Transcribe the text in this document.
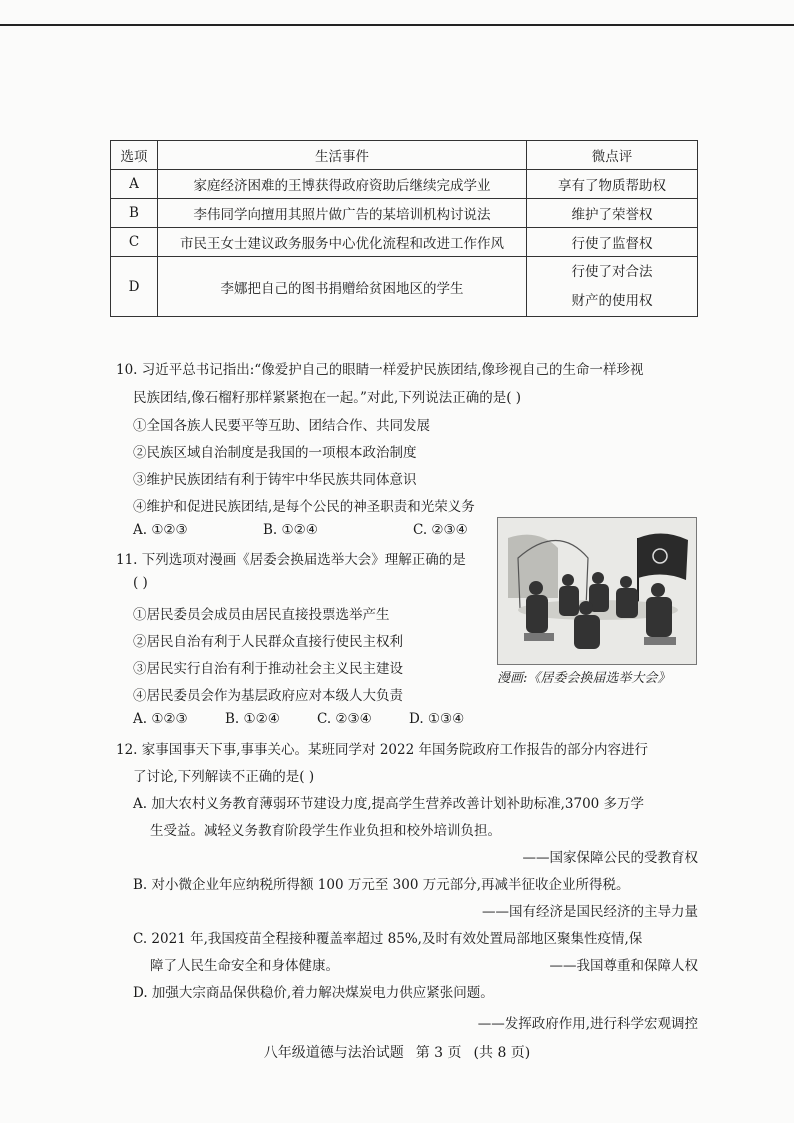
选项	生活事件	微点评
A	家庭经济困难的王博获得政府资助后继续完成学业	享有了物质帮助权
B	李伟同学向擅用其照片做广告的某培训机构讨说法	维护了荣誉权
C	市民王女士建议政务服务中心优化流程和改进工作作风	行使了监督权
D	李娜把自己的图书捐赠给贫困地区的学生	行使了对合法
财产的使用权
10. 习近平总书记指出:“像爱护自己的眼睛一样爱护民族团结,像珍视自己的生命一样珍视
民族团结,像石榴籽那样紧紧抱在一起。”对此,下列说法正确的是( )
①全国各族人民要平等互助、团结合作、共同发展
②民族区域自治制度是我国的一项根本政治制度
③维护民族团结有利于铸牢中华民族共同体意识
④维护和促进民族团结,是每个公民的神圣职责和光荣义务
A. ①②③	B. ①②④	C. ②③④
11. 下列选项对漫画《居委会换届选举大会》理解正确的是
( )
①居民委员会成员由居民直接投票选举产生
②居民自治有利于人民群众直接行使民主权利
③居民实行自治有利于推动社会主义民主建设
④居民委员会作为基层政府应对本级人大负责
A. ①②③	B. ①②④	C. ②③④	D. ①③④
漫画:《居委会换届选举大会》
12. 家事国事天下事,事事关心。某班同学对 2022 年国务院政府工作报告的部分内容进行
了讨论,下列解读不正确的是( )
A. 加大农村义务教育薄弱环节建设力度,提高学生营养改善计划补助标准,3700 多万学
生受益。减轻义务教育阶段学生作业负担和校外培训负担。
——国家保障公民的受教育权
B. 对小微企业年应纳税所得额 100 万元至 300 万元部分,再减半征收企业所得税。
——国有经济是国民经济的主导力量
C. 2021 年,我国疫苗全程接种覆盖率超过 85%,及时有效处置局部地区聚集性疫情,保
障了人民生命安全和身体健康。	——我国尊重和保障人权
D. 加强大宗商品保供稳价,着力解决煤炭电力供应紧张问题。
八年级道德与法治试题 第 3 页 (共 8 页)
——发挥政府作用,进行科学宏观调控
